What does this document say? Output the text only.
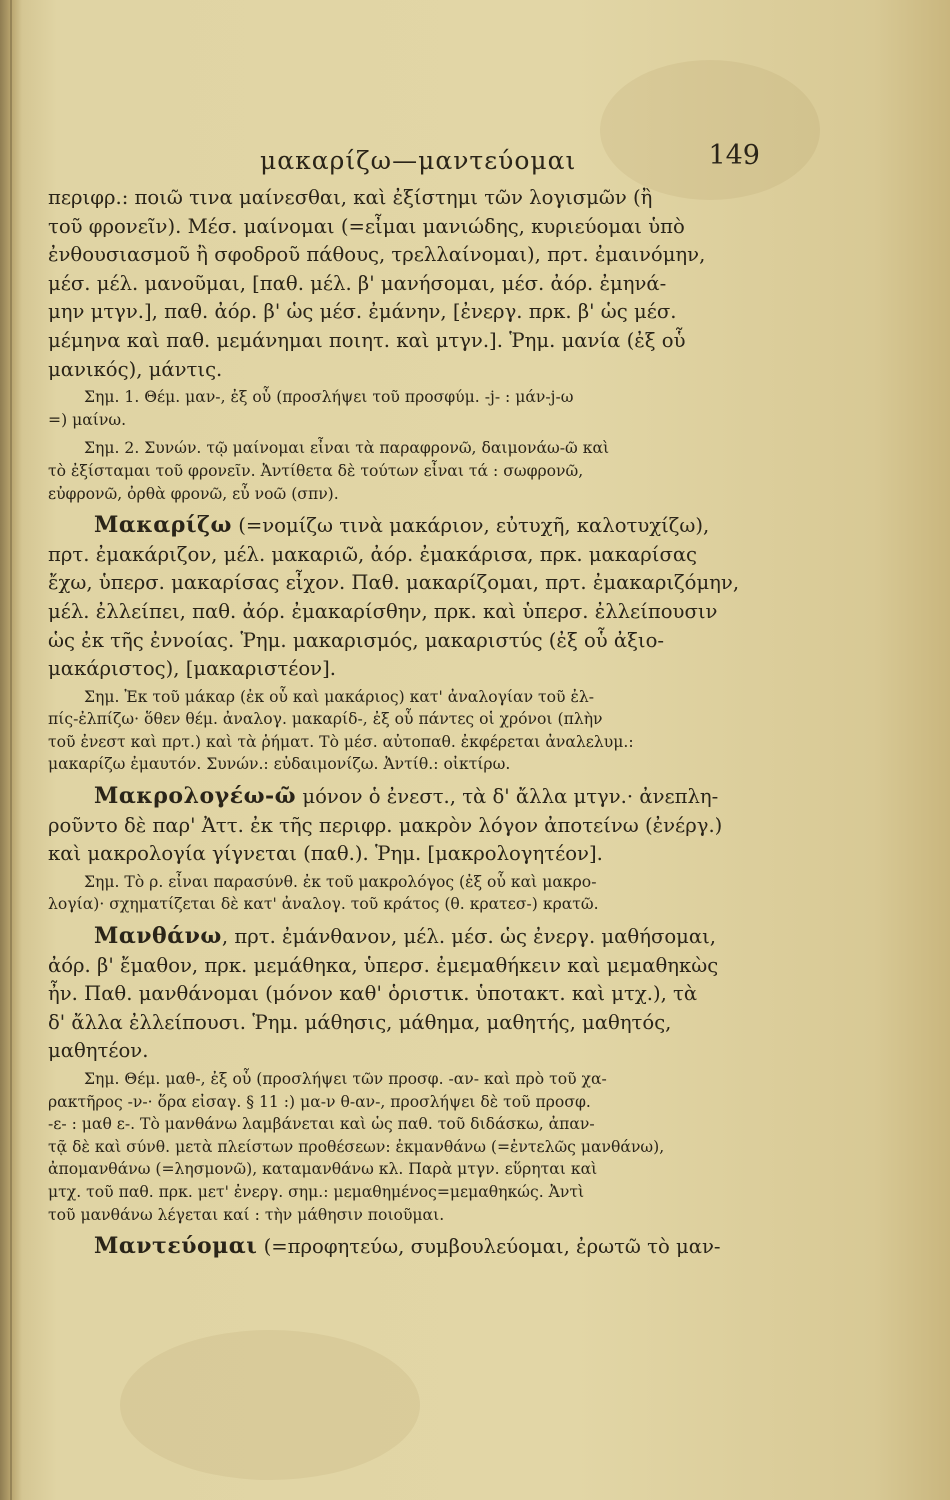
μακαρίζω—μαντεύομαι	149
περιφρ.: ποιῶ τινα μαίνεσθαι, καὶ ἐξίστημι τῶν λογισμῶν (ἢ
τοῦ φρονεῖν). Μέσ. μαίνομαι (=εἶμαι μανιώδης, κυριεύομαι ὑπὸ
ἐνθουσιασμοῦ ἢ σφοδροῦ πάθους, τρελλαίνομαι), πρτ. ἐμαινόμην,
μέσ. μέλ. μανοῦμαι, [παθ. μέλ. β' μανήσομαι, μέσ. ἀόρ. ἐμηνά-
μην μτγν.], παθ. ἀόρ. β' ὡς μέσ. ἐμάνην, [ἐνεργ. πρκ. β' ὡς μέσ.
μέμηνα καὶ παθ. μεμάνημαι ποιητ. καὶ μτγν.]. Ῥημ. μανία (ἐξ οὗ
μανικός), μάντις.
Σημ. 1. Θέμ. μαν-, ἐξ οὗ (προσλήψει τοῦ προσφύμ. -j- : μάν-j-ω
=) μαίνω.
Σημ. 2. Συνών. τῷ μαίνομαι εἶναι τὰ παραφρονῶ, δαιμονάω-ῶ καὶ
τὸ ἐξίσταμαι τοῦ φρονεῖν. Ἀντίθετα δὲ τούτων εἶναι τά : σωφρονῶ,
εὐφρονῶ, ὀρθὰ φρονῶ, εὖ νοῶ (σπν).
Μακαρίζω (=νομίζω τινὰ μακάριον, εὐτυχῆ, καλοτυχίζω),
πρτ. ἐμακάριζον, μέλ. μακαριῶ, ἀόρ. ἐμακάρισα, πρκ. μακαρίσας
ἔχω, ὑπερσ. μακαρίσας εἶχον. Παθ. μακαρίζομαι, πρτ. ἐμακαριζόμην,
μέλ. ἐλλείπει, παθ. ἀόρ. ἐμακαρίσθην, πρκ. καὶ ὑπερσ. ἐλλείπουσιν
ὡς ἐκ τῆς ἐννοίας. Ῥημ. μακαρισμός, μακαριστύς (ἐξ οὗ ἀξιο-
μακάριστος), [μακαριστέον].
Σημ. Ἐκ τοῦ μάκαρ (ἐκ οὗ καὶ μακάριος) κατ' ἀναλογίαν τοῦ ἐλ-
πίς-ἐλπίζω· ὅθεν θέμ. ἀναλογ. μακαρίδ-, ἐξ οὗ πάντες οἱ χρόνοι (πλὴν
τοῦ ἐνεστ καὶ πρτ.) καὶ τὰ ῥήματ. Τὸ μέσ. αὐτοπαθ. ἐκφέρεται ἀναλελυμ.:
μακαρίζω ἐμαυτόν. Συνών.: εὐδαιμονίζω. Ἀντίθ.: οἰκτίρω.
Μακρολογέω-ῶ μόνον ὁ ἐνεστ., τὰ δ' ἄλλα μτγν.· ἀνεπλη-
ροῦντο δὲ παρ' Ἀττ. ἐκ τῆς περιφρ. μακρὸν λόγον ἀποτείνω (ἐνέργ.)
καὶ μακρολογία γίγνεται (παθ.). Ῥημ. [μακρολογητέον].
Σημ. Τὸ ρ. εἶναι παρασύνθ. ἐκ τοῦ μακρολόγος (ἐξ οὗ καὶ μακρο-
λογία)· σχηματίζεται δὲ κατ' ἀναλογ. τοῦ κράτος (θ. κρατεσ-) κρατῶ.
Μανθάνω, πρτ. ἐμάνθανον, μέλ. μέσ. ὡς ἐνεργ. μαθήσομαι,
ἀόρ. β' ἔμαθον, πρκ. μεμάθηκα, ὑπερσ. ἐμεμαθήκειν καὶ μεμαθηκὼς
ἦν. Παθ. μανθάνομαι (μόνον καθ' ὁριστικ. ὑποτακτ. καὶ μτχ.), τὰ
δ' ἄλλα ἐλλείπουσι. Ῥημ. μάθησις, μάθημα, μαθητής, μαθητός,
μαθητέον.
Σημ. Θέμ. μαθ-, ἐξ οὗ (προσλήψει τῶν προσφ. -αν- καὶ πρὸ τοῦ χα-
ρακτῆρος -ν-· ὅρα εἰσαγ. § 11 :) μα-ν θ-αν-, προσλήψει δὲ τοῦ προσφ.
-ε- : μαθ ε-. Τὸ μανθάνω λαμβάνεται καὶ ὡς παθ. τοῦ διδάσκω, ἀπαν-
τᾷ δὲ καὶ σύνθ. μετὰ πλείστων προθέσεων: ἐκμανθάνω (=ἐντελῶς μανθάνω),
ἀπομανθάνω (=λησμονῶ), καταμανθάνω κλ. Παρὰ μτγν. εὕρηται καὶ
μτχ. τοῦ παθ. πρκ. μετ' ἐνεργ. σημ.: μεμαθημένος=μεμαθηκώς. Ἀντὶ
τοῦ μανθάνω λέγεται καί : τὴν μάθησιν ποιοῦμαι.
Μαντεύομαι (=προφητεύω, συμβουλεύομαι, ἐρωτῶ τὸ μαν-
